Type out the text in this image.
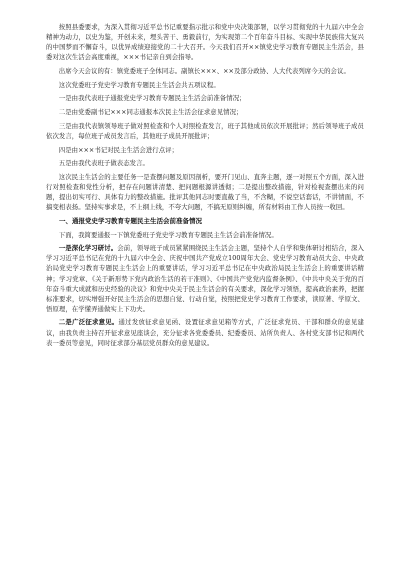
按照县委要求，为深入贯彻习近平总书记重要指示批示和党中央决策部署，以学习贯彻党的十九届六中全会精神为动力，以史为鉴，开创未来，埋头苦干、勇毅前行，为实现第二个百年奋斗目标、实现中华民族伟大复兴的中国梦而不懈奋斗，以优异成绩迎接党的二十大召开。今天我们召开××镇党史学习教育专题民主生活会，县委对这次生活会高度重视，×××书记亲自到会指导。

出席今天会议的有：镇党委班子全体同志。副镇长×××、××及部分政协、人大代表列席今天的会议。

这次党委班子党史学习教育专题民主生活会共五项议程。

一是由我代表班子通报党史学习教育专题民主生活会前准备情况；

二是由党委副书记×××同志通报本次民主生活会征求意见情况；

三是由我代表镇领导班子做对照检查和个人对照检查发言，班子其他成员依次开展批评；然后领导班子成员依次发言，每位班子成员发言后，其他班子成员开展批评；

四是由×××书记对民主生活会进行点评；

五是由我代表班子做表态发言。

这次民主生活会的主要任务一是查摆问题及原因剖析，要开门见山、直奔主题，逐一对照五个方面，深入进行对照检查和党性分析，把存在问题讲清楚、把问题根源讲透彻；二是提出整改措施，针对检视查摆出来的问题，提出切实可行、具体有力的整改措施。批评其他同志时要直截了当，不含糊，不说空话套话，不讲情面，不搞变相表扬。坚持实事求是，不上纲上线，不夸大问题，不搞无原则纠缠，所有材料由工作人员按一收回。

一、通报党史学习教育专题民主生活会前准备情况

下面，我简要通报一下镇党委班子党史学习教育专题民主生活会前准备情况。

一是深化学习研讨。会前，领导班子成员紧紧围绕民主生活会主题，坚持个人自学和集体研讨相结合，深入学习习近平总书记在党的十九届六中全会、庆祝中国共产党成立100周年大会、党史学习教育动员大会、中央政治局党史学习教育专题民主生活会上的重要讲话，学习习近平总书记在中央政治局民主生活会上的重要讲话精神；学习党章、《关于新形势下党内政治生活的若干准则》、《中国共产党党内监督条例》、《中共中央关于党的百年奋斗重大成就和历史经验的决议》和党中央关于民主生活会的有关要求，深化学习领悟，提高政治素养，把握标准要求，切实增强开好民主生活会的思想自觉、行动自觉，按照把党史学习教育工作要求，读原著、学原文、悟原理，在学懂弄通做实上下功夫。

二是广泛征求意见。通过发放征求意见函、设置征求意见箱等方式，广泛征求党员、干部和群众的意见建议，由我负责主持召开征求意见座谈会，充分征求各党委委员、纪委委员、站所负责人、各村党支部书记和两代表一委员等意见，同时征求部分基层党员群众的意见建议。
